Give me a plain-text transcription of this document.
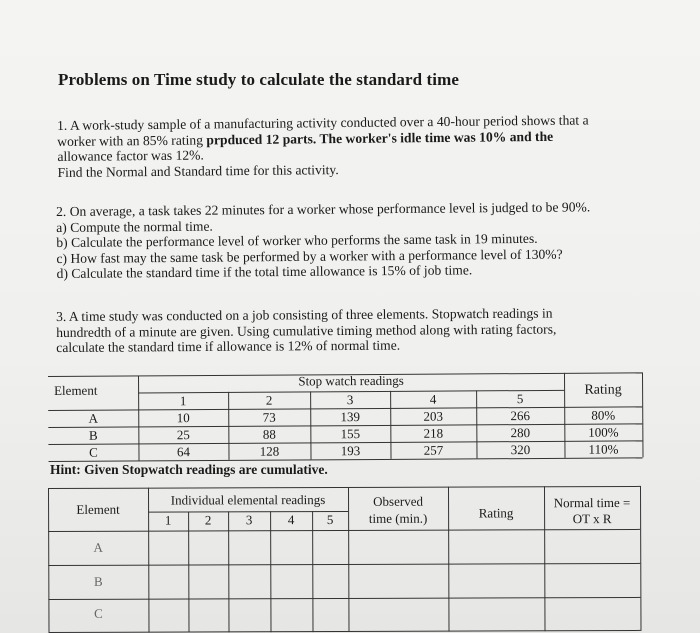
Problems on Time study to calculate the standard time
1. A work-study sample of a manufacturing activity conducted over a 40-hour period shows that a
worker with an 85% rating prpduced 12 parts. The worker's idle time was 10% and the
allowance factor was 12%.
Find the Normal and Standard time for this activity.
2. On average, a task takes 22 minutes for a worker whose performance level is judged to be 90%.
a) Compute the normal time.
b) Calculate the performance level of worker who performs the same task in 19 minutes.
c) How fast may the same task be performed by a worker with a performance level of 130%?
d) Calculate the standard time if the total time allowance is 15% of job time.
3. A time study was conducted on a job consisting of three elements. Stopwatch readings in
hundredth of a minute are given. Using cumulative timing method along with rating factors,
calculate the standard time if allowance is 12% of normal time.
Element
Stop watch readings
Rating
1	2	3	4	5
A	10	73	139	203	266	80%
B	25	88	155	218	280	100%
C	64	128	193	257	320	110%
Hint: Given Stopwatch readings are cumulative.
Element
Individual elemental readings
1	2	3	4	5
Observed
time (min.)	Rating
Normal time =
OT x R
A
B
C
